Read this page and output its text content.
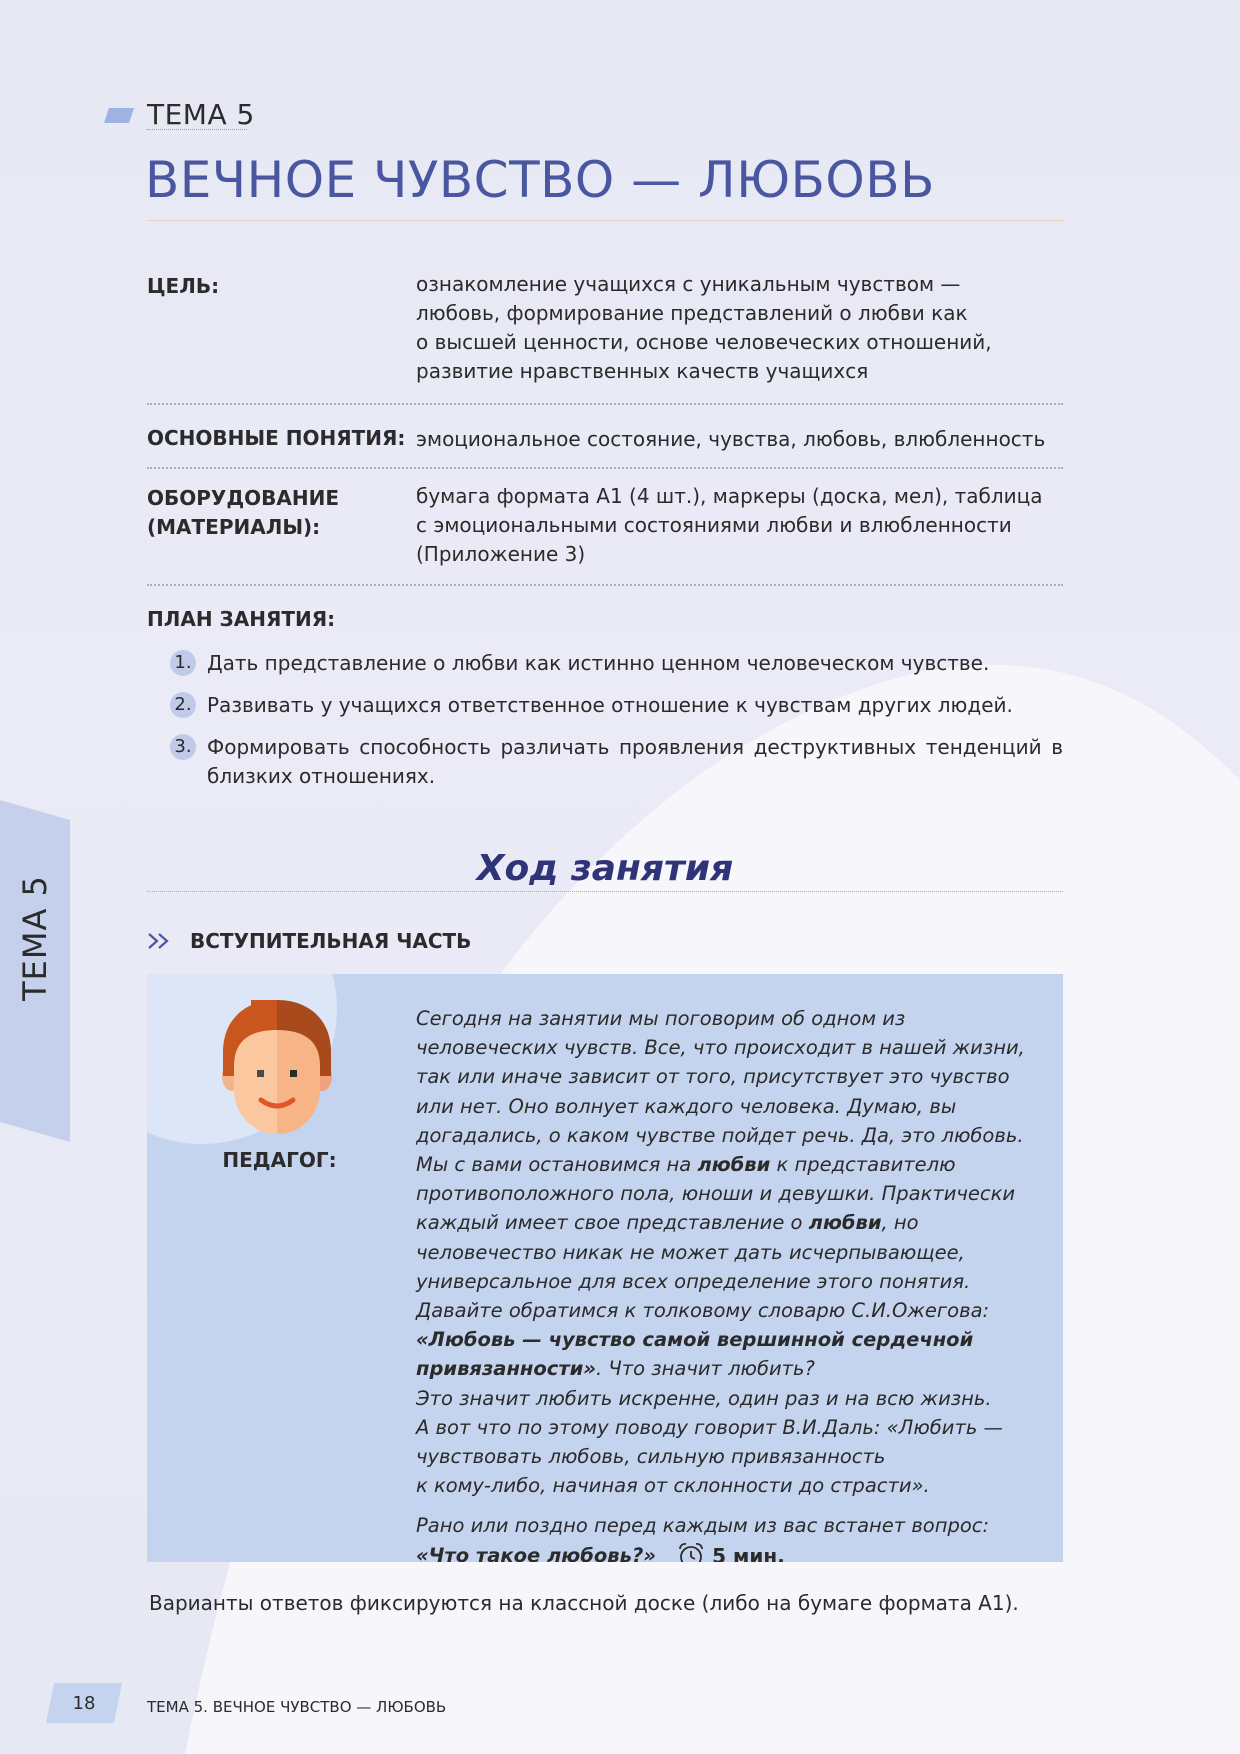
ТЕМА 5
ВЕЧНОЕ ЧУВСТВО — ЛЮБОВЬ
ЦЕЛЬ:	ознакомление учащихся с уникальным чувством —
любовь, формирование представлений о любви как
о высшей ценности, основе человеческих отношений,
развитие нравственных качеств учащихся
ОСНОВНЫЕ ПОНЯТИЯ: эмоциональное состояние, чувства, любовь, влюбленность
ОБОРУДОВАНИЕ
(МАТЕРИАЛЫ):
бумага формата А1 (4 шт.), маркеры (доска, мел), таблица
с эмоциональными состояниями любви и влюбленности
(Приложение 3)
ПЛАН ЗАНЯТИЯ:
1. Дать представление о любви как истинно ценном человеческом чувстве.
2. Развивать у учащихся ответственное отношение к чувствам других людей.
3. Формировать способность различать проявления деструктивных тенденций в близких отношениях.
Ход занятия
ВСТУПИТЕЛЬНАЯ ЧАСТЬ
ПЕДАГОГ:

Сегодня на занятии мы поговорим об одном из человеческих чувств. Все, что происходит в нашей жизни, так или иначе зависит от того, присутствует это чувство или нет. Оно волнует каждого человека. Думаю, вы догадались, о каком чувстве пойдет речь. Да, это любовь. Мы с вами остановимся на любви к представителю противоположного пола, юноши и девушки. Практически каждый имеет свое представление о любви, но человечество никак не может дать исчерпывающее, универсальное для всех определение этого понятия. Давайте обратимся к толковому словарю С.И.Ожегова: «Любовь — чувство самой вершинной сердечной привязанности». Что значит любить?

Это значит любить искренне, один раз и на всю жизнь.

А вот что по этому поводу говорит В.И.Даль: «Любить — чувствовать любовь, сильную привязанность

к кому-либо, начиная от склонности до страсти».

Рано или поздно перед каждым из вас встанет вопрос:

«Что такое любовь?»	5 мин.

Варианты ответов фиксируются на классной доске (либо на бумаге формата А1).
ТЕМА 5
18	ТЕМА 5. ВЕЧНОЕ ЧУВСТВО — ЛЮБОВЬ
